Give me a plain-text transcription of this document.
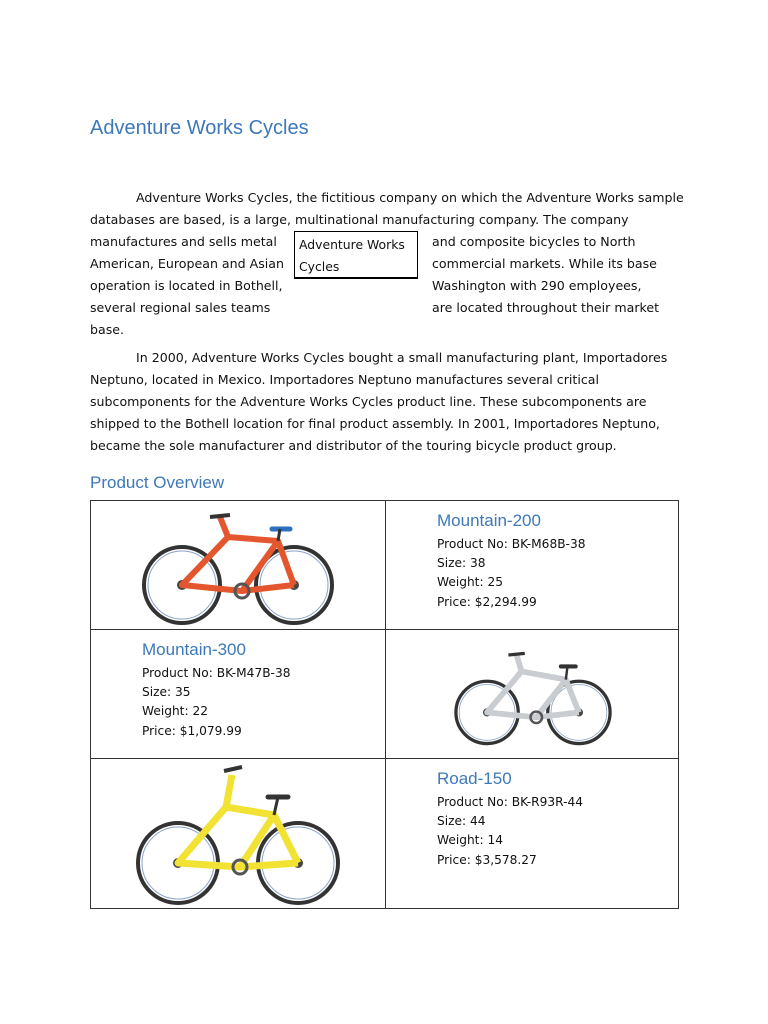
Adventure Works Cycles
Adventure Works Cycles, the fictitious company on which the Adventure Works sample
databases are based, is a large, multinational manufacturing company. The company
manufactures and sells metal
American, European and Asian
operation is located in Bothell,
several regional sales teams
and composite bicycles to North
commercial markets. While its base
Washington with 290 employees,
are located throughout their market
base.
Adventure Works
Cycles
In 2000, Adventure Works Cycles bought a small manufacturing plant, Importadores
Neptuno, located in Mexico. Importadores Neptuno manufactures several critical
subcomponents for the Adventure Works Cycles product line. These subcomponents are
shipped to the Bothell location for final product assembly. In 2001, Importadores Neptuno,
became the sole manufacturer and distributor of the touring bicycle product group.
Product Overview

Mountain-200
Product No: BK-M68B-38
Size: 38
Weight: 25
Price: $2,294.99

Mountain-300
Product No: BK-M47B-38
Size: 35
Weight: 22
Price: $1,079.99

Road-150
Product No: BK-R93R-44
Size: 44
Weight: 14
Price: $3,578.27
